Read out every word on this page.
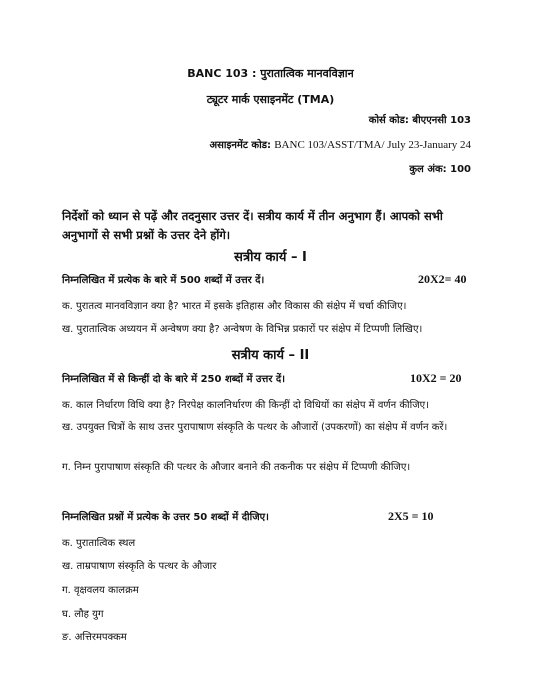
BANC 103 : पुरातात्विक मानवविज्ञान
ट्यूटर मार्क एसाइनमेंट (TMA)
कोर्स कोड: बीएएनसी 103
असाइनमेंट कोड: BANC 103/ASST/TMA/ July 23-January 24
कुल अंक: 100
निर्देशों को ध्यान से पढ़ें और तदनुसार उत्तर दें। सत्रीय कार्य में तीन अनुभाग हैं। आपको सभी अनुभागों से सभी प्रश्नों के उत्तर देने होंगे।
सत्रीय कार्य – I
निम्नलिखित में प्रत्येक के बारे में 500 शब्दों में उत्तर दें।	20X2= 40
क. पुरातत्व मानवविज्ञान क्या है? भारत में इसके इतिहास और विकास की संक्षेप में चर्चा कीजिए।
ख. पुरातात्विक अध्ययन में अन्वेषण क्या है? अन्वेषण के विभिन्न प्रकारों पर संक्षेप में टिप्पणी लिखिए।
सत्रीय कार्य – II
निम्नलिखित में से किन्हीं दो के बारे में 250 शब्दों में उत्तर दें।	10X2 = 20
क. काल निर्धारण विधि क्या है? निरपेक्ष कालनिर्धारण की किन्हीं दो विधियों का संक्षेप में वर्णन कीजिए।
ख. उपयुक्त चित्रों के साथ उत्तर पुरापाषाण संस्कृति के पत्थर के औजारों (उपकरणों) का संक्षेप में वर्णन करें।
ग. निम्न पुरापाषाण संस्कृति की पत्थर के औजार बनाने की तकनीक पर संक्षेप में टिप्पणी कीजिए।
निम्नलिखित प्रश्नों में प्रत्येक के उत्तर 50 शब्दों में दीजिए।	2X5 = 10
क. पुरातात्विक स्थल
ख. ताम्रपाषाण संस्कृति के पत्थर के औजार
ग. वृक्षवलय कालक्रम
घ. लौह युग
ङ. अत्तिरमपक्कम
